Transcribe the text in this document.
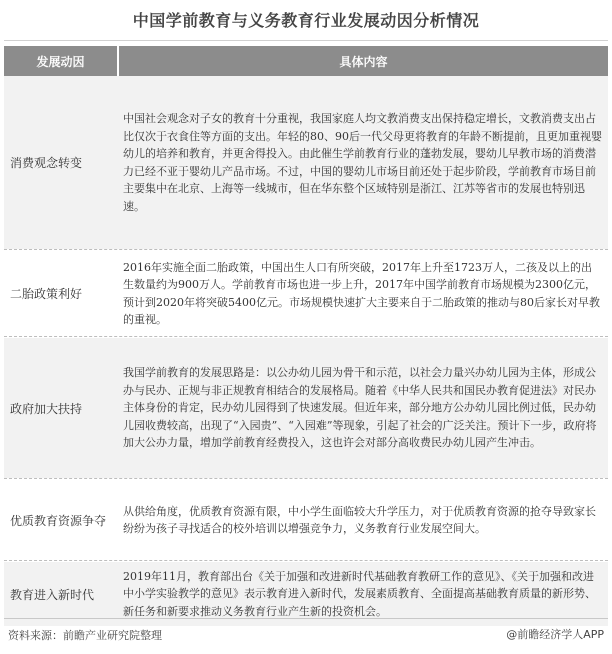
中国学前教育与义务教育行业发展动因分析情况
发展动因	具体内容
消费观念转变
中国社会观念对子女的教育十分重视，我国家庭人均文教消费支出保持稳定增长，文教消费支出占比仅次于衣食住等方面的支出。年轻的80、90后一代父母更将教育的年龄不断提前，且更加重视婴幼儿的培养和教育，并更舍得投入。由此催生学前教育行业的蓬勃发展，婴幼儿早教市场的消费潜力已经不亚于婴幼儿产品市场。不过，中国的婴幼儿市场目前还处于起步阶段，学前教育市场目前主要集中在北京、上海等一线城市，但在华东整个区域特别是浙江、江苏等省市的发展也特别迅速。
二胎政策利好
2016年实施全面二胎政策，中国出生人口有所突破，2017年上升至1723万人，二孩及以上的出生数量约为900万人。学前教育市场也进一步上升，2017年中国学前教育市场规模为2300亿元，预计到2020年将突破5400亿元。市场规模快速扩大主要来自于二胎政策的推动与80后家长对早教的重视。
政府加大扶持
我国学前教育的发展思路是：以公办幼儿园为骨干和示范，以社会力量兴办幼儿园为主体，形成公办与民办、正规与非正规教育相结合的发展格局。随着《中华人民共和国民办教育促进法》对民办主体身份的肯定，民办幼儿园得到了快速发展。但近年来，部分地方公办幼儿园比例过低，民办幼儿园收费较高，出现了“入园贵”、“入园难”等现象，引起了社会的广泛关注。预计下一步，政府将加大公办力量，增加学前教育经费投入，这也许会对部分高收费民办幼儿园产生冲击。
优质教育资源争夺
从供给角度，优质教育资源有限，中小学生面临较大升学压力，对于优质教育资源的抢夺导致家长纷纷为孩子寻找适合的校外培训以增强竞争力，义务教育行业发展空间大。
教育进入新时代
2019年11月，教育部出台《关于加强和改进新时代基础教育教研工作的意见》、《关于加强和改进中小学实验教学的意见》表示教育进入新时代，发展素质教育、全面提高基础教育质量的新形势、新任务和新要求推动义务教育行业产生新的投资机会。
资料来源：前瞻产业研究院整理	@前瞻经济学人APP
